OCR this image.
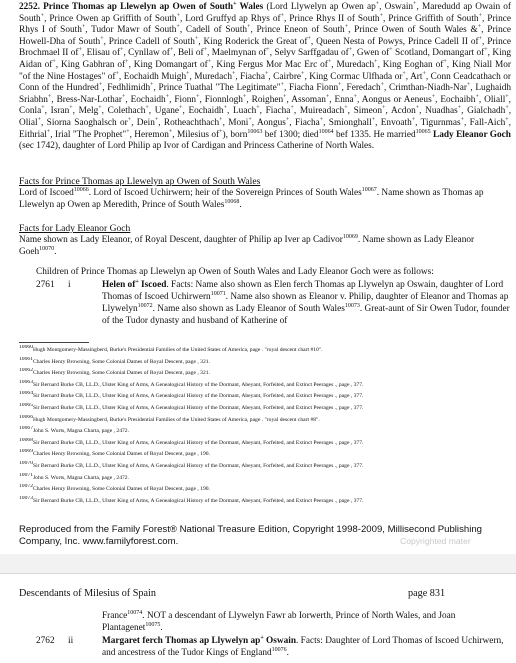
2252. Prince Thomas ap Llewelyn ap Owen of South+ Wales (Lord Llywelyn ap Owen ap+, Oswain+, Maredudd ap Owain of South+, Prince Owen ap Griffith of South+, Lord Gruffyd ap Rhys of+, Prince Rhys II of South+, Prince Griffith of South+, Prince Rhys I of South+, Tudor Mawr of South+, Cadell of South+, Prince Eneon of South+, Prince Owen of South Wales &+, Prince Howell-Dha of South+, Prince Cadell of South+, King Roderick the Great of+, Queen Nesta of Powys, Prince Cadell II of+, Prince Brochmael II of+, Elisau of+, Cynllaw of+, Beli of+, Maelmynan of+, Selyv Sarffgadau of+, Gwen of+ Scotland, Domangart of+, King Aidan of+, King Gabhran of+, King Domangart of+, King Fergus Mor Mac Erc of+, Muredach+, King Eoghan of+, King Niall Mor "of the Nine Hostages" of+, Eochaidh Muigh+, Muredach+, Fiacha+, Cairbre+, King Cormac Ulfhada or+, Art+, Conn Ceadcathach or Conn of the Hundred+, Fedhlimidh+, Prince Tuathal "The Legitimate"+, Fiacha Fionn+, Feredach+, Crimthan-Niadh-Nar+, Lughaidh Sriabhn+, Bress-Nar-Lothar+, Eochaidh+, Fionn+, Fionnlogh+, Roighen+, Assoman+, Enna+, Aongus or Aeneus+, Eochaibh+, Oliall+, Conla+, Isran+, Melg+, Colethach+, Ugane+, Eochaidh+, Luach+, Fiacha+, Muireadach+, Simeon+, Acdon+, Nuadhas+, Gialchadh+, Olial+, Siorna Saoghalsch or+, Dein+, Rotheachthach+, Moni+, Aongus+, Fiacha+, Smionghall+, Envoath+, Tigurnmas+, Fall-Aich+, Eithrial+, Irial "The Prophet"+, Heremon+, Milesius of+), born$^{10063}$ bef 1300; died$^{10064}$ bef 1335. He married$^{10065}$ Lady Eleanor Goch (sec 1742), daughter of Lord Philip ap Ivor of Cardigan and Princess Catherine of North Wales.
Facts for Prince Thomas ap Llewelyn ap Owen of South Wales
Lord of Iscoed$^{10066}$. Lord of Iscoed Uchirwern; heir of the Sovereign Princes of South Wales$^{10067}$. Name shown as Thomas ap Llewelyn ap Owen ap Meredith, Prince of South Wales$^{10068}$.
Facts for Lady Eleanor Goch
Name shown as Lady Eleanor, of Royal Descent, daughter of Philip ap Iver ap Cadivor$^{10069}$. Name shown as Lady Eleanor Goeh$^{10070}$.
Children of Prince Thomas ap Llewelyn ap Owen of South Wales and Lady Eleanor Goch were as follows:
2761 i	Helen of+ Iscoed. Facts: Name also shown as Elen ferch Thomas ap Llywelyn ap Oswain, daughter of Lord Thomas of Iscoed Uchirwern$^{10071}$. Name also shown as Eleanor v. Philip, daughter of Eleanor and Thomas ap Llywelyn$^{10072}$. Name also shown as Lady Eleanor of South Wales$^{10073}$. Great-aunt of Sir Owen Tudor, founder of the Tudor dynasty and husband of Katherine of
10060Hugh Montgomery-Massingberd, Burke's Presidential Families of the United States of America, page . "royal descent chart #10".
10061Charles Henry Browning, Some Colonial Dames of Royal Descent, page , 321.
10062Charles Henry Browning, Some Colonial Dames of Royal Descent, page , 321.
10063Sir Bernard Burke CB, LL.D., Ulster King of Arms, A Genealogical History of the Dormant, Abeyant, Forfeited, and Extinct Peerages ., page , 377.
10064Sir Bernard Burke CB, LL.D., Ulster King of Arms, A Genealogical History of the Dormant, Abeyant, Forfeited, and Extinct Peerages ., page , 377.
10065Sir Bernard Burke CB, LL.D., Ulster King of Arms, A Genealogical History of the Dormant, Abeyant, Forfeited, and Extinct Peerages ., page , 377.
10066Hugh Montgomery-Massingberd, Burke's Presidential Families of the United States of America, page . "royal descent chart #8".
10067John S. Wurts, Magna Charta, page , 2472.
10068Sir Bernard Burke CB, LL.D., Ulster King of Arms, A Genealogical History of the Dormant, Abeyant, Forfeited, and Extinct Peerages ., page , 377.
10069Charles Henry Browning, Some Colonial Dames of Royal Descent, page , 190.
10070Sir Bernard Burke CB, LL.D., Ulster King of Arms, A Genealogical History of the Dormant, Abeyant, Forfeited, and Extinct Peerages ., page , 377.
10071John S. Wurts, Magna Charta, page , 2472.
10072Charles Henry Browning, Some Colonial Dames of Royal Descent, page , 190.
10073Sir Bernard Burke CB, LL.D., Ulster King of Arms, A Genealogical History of the Dormant, Abeyant, Forfeited, and Extinct Peerages ., page , 377.
Reproduced from the Family Forest® National Treasure Edition, Copyright 1998-2009, Millisecond Publishing Company, Inc. www.familyforest.com.	Copyrighted mater
Descendants of Milesius of Spain	page 831
France$^{10074}$. NOT a descendant of Llywelyn Fawr ab Iorwerth, Prince of North Wales, and Joan Plantagenet$^{10075}$.
2762 ii	Margaret ferch Thomas ap Llywelyn ap+ Oswain. Facts: Daughter of Lord Thomas of Iscoed Uchirwern, and ancestress of the Tudor Kings of England$^{10076}$.
